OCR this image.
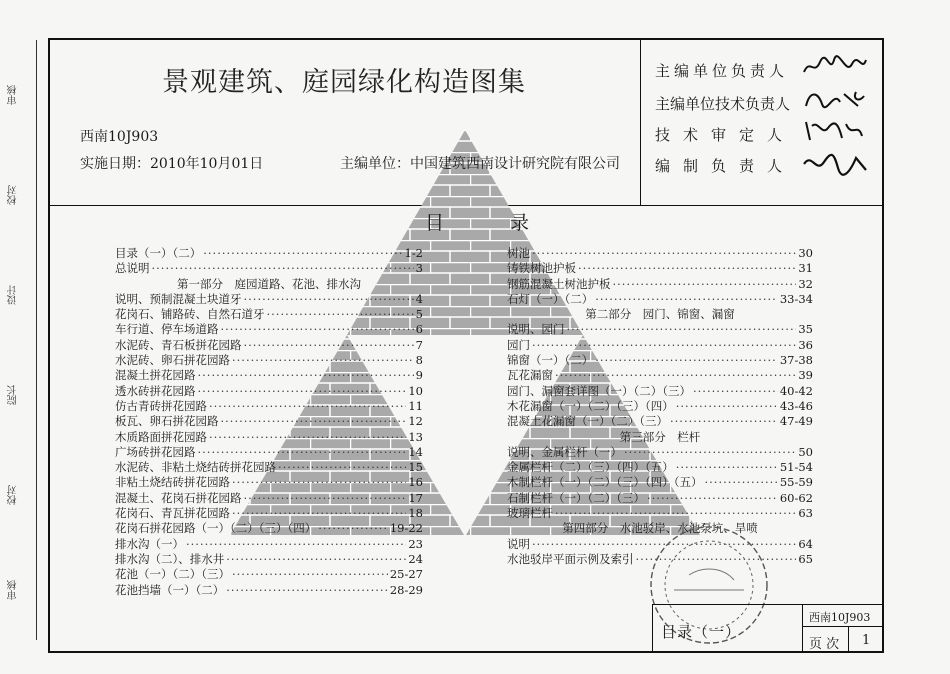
审核
校对
设计
院长
校对
审核
景观建筑、庭园绿化构造图集
西南10J903
实施日期：2010年10月01日	主编单位：中国建筑西南设计研究院有限公司
主编单位负责人
主编单位技术负责人
技术审定人
编制负责人
目	录
目录（一）（二） ·····	1-2
总说明 ·····	3
第一部分　庭园道路、花池、排水沟
说明、预制混凝土块道牙 ·····	4
花岗石、铺路砖、自然石道牙 ·····	5
车行道、停车场道路 ·····	6
水泥砖、青石板拼花园路 ·····	7
水泥砖、卵石拼花园路 ·····	8
混凝土拼花园路 ·····	9
透水砖拼花园路 ·····	10
仿古青砖拼花园路 ·····	11
板瓦、卵石拼花园路 ·····	12
木质路面拼花园路 ·····	13
广场砖拼花园路 ·····	14
水泥砖、非粘土烧结砖拼花园路 ·····	15
非粘土烧结砖拼花园路 ·····	16
混凝土、花岗石拼花园路 ·····	17
花岗石、青瓦拼花园路 ·····	18
花岗石拼花园路（一）（二）（三）（四） ·····	19-22
排水沟（一） ·····	23
排水沟（二）、排水井 ·····	24
花池（一）（二）（三） ·····	25-27
花池挡墙（一）（二） ·····	28-29
树池 ·····	30
铸铁树池护板 ·····	31
钢筋混凝土树池护板 ·····	32
石灯（一）（二） ·····	33-34
第二部分　园门、锦窗、漏窗
说明、园门 ·····	35
园门 ·····	36
锦窗（一）（二） ·····	37-38
瓦花漏窗 ·····	39
园门、漏窗套详图（一）（二）（三） ·····	40-42
木花漏窗（一）（二）（三）（四） ·····	43-46
混凝土花漏窗（一）（二）（三） ·····	47-49
第三部分　栏杆
说明、金属栏杆（一） ·····	50
金属栏杆（二）（三）（四）（五） ·····	51-54
木制栏杆（一）（二）（三）（四）（五） ·····	55-59
石制栏杆（一）（二）（三） ·····	60-62
玻璃栏杆 ·····	63
第四部分　水池驳岸、水池泵坑、旱喷
说明 ·····	64
水池驳岸平面示例及索引 ·····	65
目录（一）
西南10J903
页 次 1
